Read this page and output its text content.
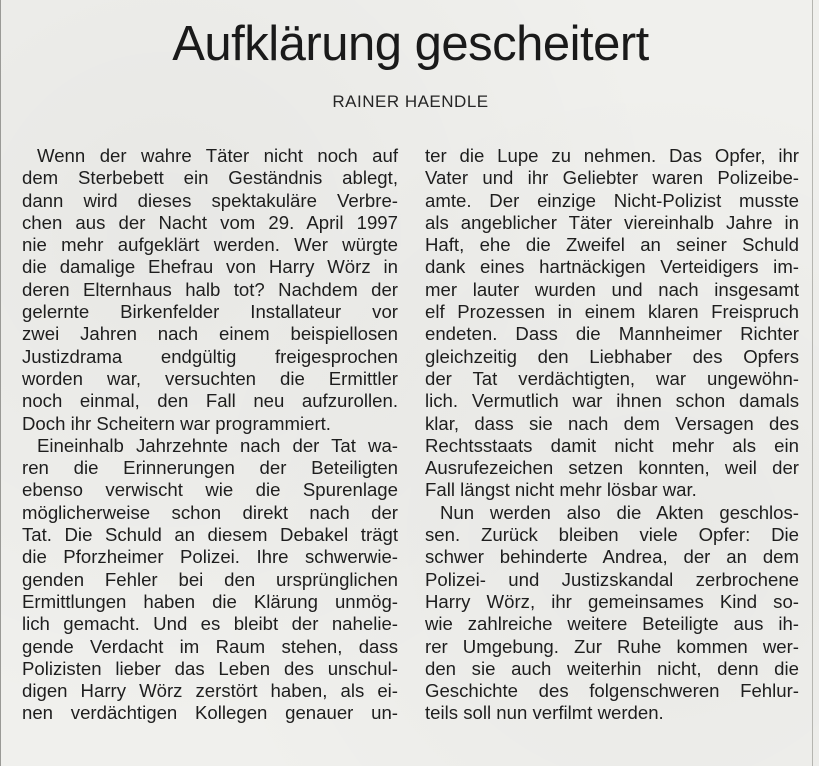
Aufklärung gescheitert
RAINER HAENDLE
Wenn der wahre Täter nicht noch auf
dem Sterbebett ein Geständnis ablegt,
dann wird dieses spektakuläre Verbre-
chen aus der Nacht vom 29. April 1997
nie mehr aufgeklärt werden. Wer würgte
die damalige Ehefrau von Harry Wörz in
deren Elternhaus halb tot? Nachdem der
gelernte Birkenfelder Installateur vor
zwei Jahren nach einem beispiellosen
Justizdrama endgültig freigesprochen
worden war, versuchten die Ermittler
noch einmal, den Fall neu aufzurollen.
Doch ihr Scheitern war programmiert.
Eineinhalb Jahrzehnte nach der Tat wa-
ren die Erinnerungen der Beteiligten
ebenso verwischt wie die Spurenlage
möglicherweise schon direkt nach der
Tat. Die Schuld an diesem Debakel trägt
die Pforzheimer Polizei. Ihre schwerwie-
genden Fehler bei den ursprünglichen
Ermittlungen haben die Klärung unmög-
lich gemacht. Und es bleibt der nahelie-
gende Verdacht im Raum stehen, dass
Polizisten lieber das Leben des unschul-
digen Harry Wörz zerstört haben, als ei-
nen verdächtigen Kollegen genauer un-
ter die Lupe zu nehmen. Das Opfer, ihr
Vater und ihr Geliebter waren Polizeibe-
amte. Der einzige Nicht-Polizist musste
als angeblicher Täter viereinhalb Jahre in
Haft, ehe die Zweifel an seiner Schuld
dank eines hartnäckigen Verteidigers im-
mer lauter wurden und nach insgesamt
elf Prozessen in einem klaren Freispruch
endeten. Dass die Mannheimer Richter
gleichzeitig den Liebhaber des Opfers
der Tat verdächtigten, war ungewöhn-
lich. Vermutlich war ihnen schon damals
klar, dass sie nach dem Versagen des
Rechtsstaats damit nicht mehr als ein
Ausrufezeichen setzen konnten, weil der
Fall längst nicht mehr lösbar war.
Nun werden also die Akten geschlos-
sen. Zurück bleiben viele Opfer: Die
schwer behinderte Andrea, der an dem
Polizei- und Justizskandal zerbrochene
Harry Wörz, ihr gemeinsames Kind so-
wie zahlreiche weitere Beteiligte aus ih-
rer Umgebung. Zur Ruhe kommen wer-
den sie auch weiterhin nicht, denn die
Geschichte des folgenschweren Fehlur-
teils soll nun verfilmt werden.
